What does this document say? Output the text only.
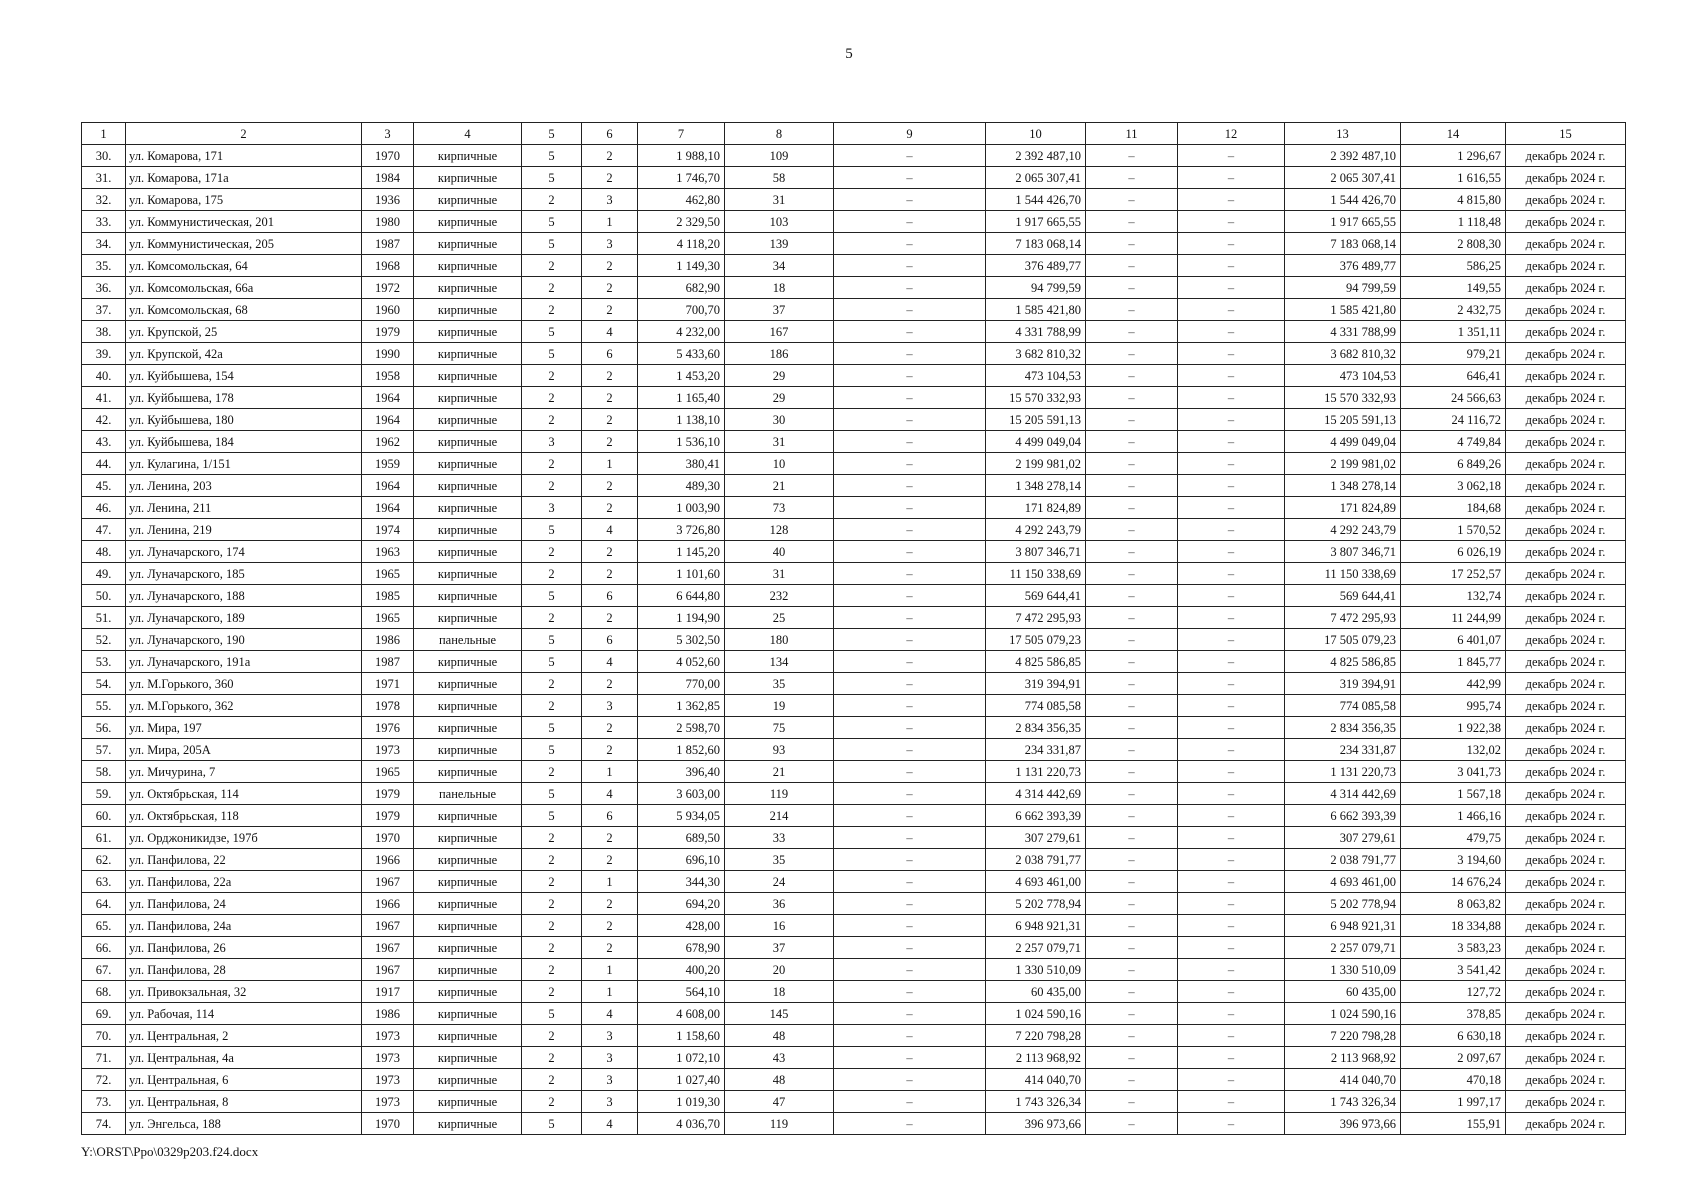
5
1	2	3	4	5	6	7	8	9	10	11	12	13	14	15
30.	ул. Комарова, 171	1970	кирпичные	5	2	1 988,10	109	–	2 392 487,10	–	–	2 392 487,10	1 296,67	декабрь 2024 г.
31.	ул. Комарова, 171а	1984	кирпичные	5	2	1 746,70	58	–	2 065 307,41	–	–	2 065 307,41	1 616,55	декабрь 2024 г.
32.	ул. Комарова, 175	1936	кирпичные	2	3	462,80	31	–	1 544 426,70	–	–	1 544 426,70	4 815,80	декабрь 2024 г.
33.	ул. Коммунистическая, 201	1980	кирпичные	5	1	2 329,50	103	–	1 917 665,55	–	–	1 917 665,55	1 118,48	декабрь 2024 г.
34.	ул. Коммунистическая, 205	1987	кирпичные	5	3	4 118,20	139	–	7 183 068,14	–	–	7 183 068,14	2 808,30	декабрь 2024 г.
35.	ул. Комсомольская, 64	1968	кирпичные	2	2	1 149,30	34	–	376 489,77	–	–	376 489,77	586,25	декабрь 2024 г.
36.	ул. Комсомольская, 66а	1972	кирпичные	2	2	682,90	18	–	94 799,59	–	–	94 799,59	149,55	декабрь 2024 г.
37.	ул. Комсомольская, 68	1960	кирпичные	2	2	700,70	37	–	1 585 421,80	–	–	1 585 421,80	2 432,75	декабрь 2024 г.
38.	ул. Крупской, 25	1979	кирпичные	5	4	4 232,00	167	–	4 331 788,99	–	–	4 331 788,99	1 351,11	декабрь 2024 г.
39.	ул. Крупской, 42а	1990	кирпичные	5	6	5 433,60	186	–	3 682 810,32	–	–	3 682 810,32	979,21	декабрь 2024 г.
40.	ул. Куйбышева, 154	1958	кирпичные	2	2	1 453,20	29	–	473 104,53	–	–	473 104,53	646,41	декабрь 2024 г.
41.	ул. Куйбышева, 178	1964	кирпичные	2	2	1 165,40	29	–	15 570 332,93	–	–	15 570 332,93	24 566,63	декабрь 2024 г.
42.	ул. Куйбышева, 180	1964	кирпичные	2	2	1 138,10	30	–	15 205 591,13	–	–	15 205 591,13	24 116,72	декабрь 2024 г.
43.	ул. Куйбышева, 184	1962	кирпичные	3	2	1 536,10	31	–	4 499 049,04	–	–	4 499 049,04	4 749,84	декабрь 2024 г.
44.	ул. Кулагина, 1/151	1959	кирпичные	2	1	380,41	10	–	2 199 981,02	–	–	2 199 981,02	6 849,26	декабрь 2024 г.
45.	ул. Ленина, 203	1964	кирпичные	2	2	489,30	21	–	1 348 278,14	–	–	1 348 278,14	3 062,18	декабрь 2024 г.
46.	ул. Ленина, 211	1964	кирпичные	3	2	1 003,90	73	–	171 824,89	–	–	171 824,89	184,68	декабрь 2024 г.
47.	ул. Ленина, 219	1974	кирпичные	5	4	3 726,80	128	–	4 292 243,79	–	–	4 292 243,79	1 570,52	декабрь 2024 г.
48.	ул. Луначарского, 174	1963	кирпичные	2	2	1 145,20	40	–	3 807 346,71	–	–	3 807 346,71	6 026,19	декабрь 2024 г.
49.	ул. Луначарского, 185	1965	кирпичные	2	2	1 101,60	31	–	11 150 338,69	–	–	11 150 338,69	17 252,57	декабрь 2024 г.
50.	ул. Луначарского, 188	1985	кирпичные	5	6	6 644,80	232	–	569 644,41	–	–	569 644,41	132,74	декабрь 2024 г.
51.	ул. Луначарского, 189	1965	кирпичные	2	2	1 194,90	25	–	7 472 295,93	–	–	7 472 295,93	11 244,99	декабрь 2024 г.
52.	ул. Луначарского, 190	1986	панельные	5	6	5 302,50	180	–	17 505 079,23	–	–	17 505 079,23	6 401,07	декабрь 2024 г.
53.	ул. Луначарского, 191а	1987	кирпичные	5	4	4 052,60	134	–	4 825 586,85	–	–	4 825 586,85	1 845,77	декабрь 2024 г.
54.	ул. М.Горького, 360	1971	кирпичные	2	2	770,00	35	–	319 394,91	–	–	319 394,91	442,99	декабрь 2024 г.
55.	ул. М.Горького, 362	1978	кирпичные	2	3	1 362,85	19	–	774 085,58	–	–	774 085,58	995,74	декабрь 2024 г.
56.	ул. Мира, 197	1976	кирпичные	5	2	2 598,70	75	–	2 834 356,35	–	–	2 834 356,35	1 922,38	декабрь 2024 г.
57.	ул. Мира, 205А	1973	кирпичные	5	2	1 852,60	93	–	234 331,87	–	–	234 331,87	132,02	декабрь 2024 г.
58.	ул. Мичурина, 7	1965	кирпичные	2	1	396,40	21	–	1 131 220,73	–	–	1 131 220,73	3 041,73	декабрь 2024 г.
59.	ул. Октябрьская, 114	1979	панельные	5	4	3 603,00	119	–	4 314 442,69	–	–	4 314 442,69	1 567,18	декабрь 2024 г.
60.	ул. Октябрьская, 118	1979	кирпичные	5	6	5 934,05	214	–	6 662 393,39	–	–	6 662 393,39	1 466,16	декабрь 2024 г.
61.	ул. Орджоникидзе, 197б	1970	кирпичные	2	2	689,50	33	–	307 279,61	–	–	307 279,61	479,75	декабрь 2024 г.
62.	ул. Панфилова, 22	1966	кирпичные	2	2	696,10	35	–	2 038 791,77	–	–	2 038 791,77	3 194,60	декабрь 2024 г.
63.	ул. Панфилова, 22а	1967	кирпичные	2	1	344,30	24	–	4 693 461,00	–	–	4 693 461,00	14 676,24	декабрь 2024 г.
64.	ул. Панфилова, 24	1966	кирпичные	2	2	694,20	36	–	5 202 778,94	–	–	5 202 778,94	8 063,82	декабрь 2024 г.
65.	ул. Панфилова, 24а	1967	кирпичные	2	2	428,00	16	–	6 948 921,31	–	–	6 948 921,31	18 334,88	декабрь 2024 г.
66.	ул. Панфилова, 26	1967	кирпичные	2	2	678,90	37	–	2 257 079,71	–	–	2 257 079,71	3 583,23	декабрь 2024 г.
67.	ул. Панфилова, 28	1967	кирпичные	2	1	400,20	20	–	1 330 510,09	–	–	1 330 510,09	3 541,42	декабрь 2024 г.
68.	ул. Привокзальная, 32	1917	кирпичные	2	1	564,10	18	–	60 435,00	–	–	60 435,00	127,72	декабрь 2024 г.
69.	ул. Рабочая, 114	1986	кирпичные	5	4	4 608,00	145	–	1 024 590,16	–	–	1 024 590,16	378,85	декабрь 2024 г.
70.	ул. Центральная, 2	1973	кирпичные	2	3	1 158,60	48	–	7 220 798,28	–	–	7 220 798,28	6 630,18	декабрь 2024 г.
71.	ул. Центральная, 4а	1973	кирпичные	2	3	1 072,10	43	–	2 113 968,92	–	–	2 113 968,92	2 097,67	декабрь 2024 г.
72.	ул. Центральная, 6	1973	кирпичные	2	3	1 027,40	48	–	414 040,70	–	–	414 040,70	470,18	декабрь 2024 г.
73.	ул. Центральная, 8	1973	кирпичные	2	3	1 019,30	47	–	1 743 326,34	–	–	1 743 326,34	1 997,17	декабрь 2024 г.
74.	ул. Энгельса, 188	1970	кирпичные	5	4	4 036,70	119	–	396 973,66	–	–	396 973,66	155,91	декабрь 2024 г.
Y:\ORST\Ppo\0329p203.f24.docx
